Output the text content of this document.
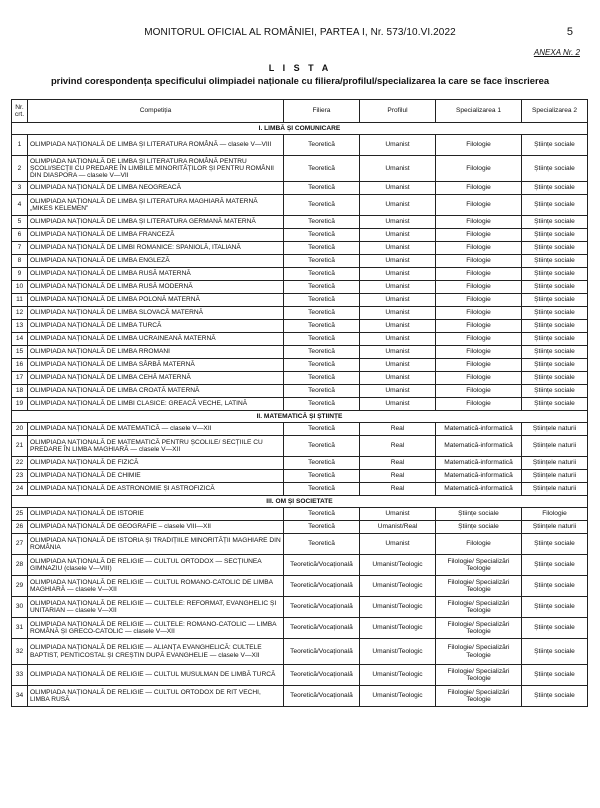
MONITORUL OFICIAL AL ROMÂNIEI, PARTEA I, Nr. 573/10.VI.2022	5
ANEXA Nr. 2
L I S T A
privind corespondența specificului olimpiadei naționale cu filiera/profilul/specializarea la care se face înscrierea
Nr. crt.	Competiția	Filiera	Profilul	Specializarea 1	Specializarea 2
I. LIMBĂ ȘI COMUNICARE					
1	OLIMPIADA NAȚIONALĂ DE LIMBA ȘI LITERATURA ROMÂNĂ — clasele V—VIII	Teoretică	Umanist	Filologie	Științe sociale
2	OLIMPIADA NAȚIONALĂ DE LIMBA ȘI LITERATURA ROMÂNĂ PENTRU ȘCOLI/SECȚII CU PREDARE ÎN LIMBILE MINORITĂȚILOR ȘI PENTRU ROMÂNII DIN DIASPORA — clasele V—VII	Teoretică	Umanist	Filologie	Științe sociale
3	OLIMPIADA NAȚIONALĂ DE LIMBA NEOGREACĂ	Teoretică	Umanist	Filologie	Științe sociale
4	OLIMPIADA NAȚIONALĂ DE LIMBA ȘI LITERATURA MAGHIARĂ MATERNĂ „MIKES KELEMEN”	Teoretică	Umanist	Filologie	Științe sociale
5	OLIMPIADA NAȚIONALĂ DE LIMBA ȘI LITERATURA GERMANĂ MATERNĂ	Teoretică	Umanist	Filologie	Științe sociale
6	OLIMPIADA NAȚIONALĂ DE LIMBA FRANCEZĂ	Teoretică	Umanist	Filologie	Științe sociale
7	OLIMPIADA NAȚIONALĂ DE LIMBI ROMANICE: SPANIOLĂ, ITALIANĂ	Teoretică	Umanist	Filologie	Științe sociale
8	OLIMPIADA NAȚIONALĂ DE LIMBA ENGLEZĂ	Teoretică	Umanist	Filologie	Științe sociale
9	OLIMPIADA NAȚIONALĂ DE LIMBA RUSĂ MATERNĂ	Teoretică	Umanist	Filologie	Științe sociale
10	OLIMPIADA NAȚIONALĂ DE LIMBA RUSĂ MODERNĂ	Teoretică	Umanist	Filologie	Științe sociale
11	OLIMPIADA NAȚIONALĂ DE LIMBA POLONĂ MATERNĂ	Teoretică	Umanist	Filologie	Științe sociale
12	OLIMPIADA NAȚIONALĂ DE LIMBA SLOVACĂ MATERNĂ	Teoretică	Umanist	Filologie	Științe sociale
13	OLIMPIADA NAȚIONALĂ DE LIMBA TURCĂ	Teoretică	Umanist	Filologie	Științe sociale
14	OLIMPIADA NAȚIONALĂ DE LIMBA UCRAINEANĂ MATERNĂ	Teoretică	Umanist	Filologie	Științe sociale
15	OLIMPIADA NAȚIONALĂ DE LIMBA RROMANI	Teoretică	Umanist	Filologie	Științe sociale
16	OLIMPIADA NAȚIONALĂ DE LIMBA SÂRBĂ MATERNĂ	Teoretică	Umanist	Filologie	Științe sociale
17	OLIMPIADA NAȚIONALĂ DE LIMBA CEHĂ MATERNĂ	Teoretică	Umanist	Filologie	Științe sociale
18	OLIMPIADA NAȚIONALĂ DE LIMBA CROATĂ MATERNĂ	Teoretică	Umanist	Filologie	Științe sociale
19	OLIMPIADA NAȚIONALĂ DE LIMBI CLASICE: GREACĂ VECHE, LATINĂ	Teoretică	Umanist	Filologie	Științe sociale
II. MATEMATICĂ ȘI ȘTIINȚE					
20	OLIMPIADA NAȚIONALĂ DE MATEMATICĂ — clasele V—XII	Teoretică	Real	Matematică-informatică	Științele naturii
21	OLIMPIADA NAȚIONALĂ DE MATEMATICĂ PENTRU ȘCOLILE/ SECȚIILE CU PREDARE ÎN LIMBA MAGHIARĂ — clasele V—XII	Teoretică	Real	Matematică-informatică	Științele naturii
22	OLIMPIADA NAȚIONALĂ DE FIZICĂ	Teoretică	Real	Matematică-informatică	Științele naturii
23	OLIMPIADA NAȚIONALĂ DE CHIMIE	Teoretică	Real	Matematică-informatică	Științele naturii
24	OLIMPIADA NAȚIONALĂ DE ASTRONOMIE ȘI ASTROFIZICĂ	Teoretică	Real	Matematică-informatică	Științele naturii
III. OM ȘI SOCIETATE					
25	OLIMPIADA NAȚIONALĂ DE ISTORIE	Teoretică	Umanist	Științe sociale	Filologie
26	OLIMPIADA NAȚIONALĂ DE GEOGRAFIE – clasele VIII—XII	Teoretică	Umanist/Real	Științe sociale	Științele naturii
27	OLIMPIADA NAȚIONALĂ DE ISTORIA ȘI TRADIȚIILE MINORITĂȚII MAGHIARE DIN ROMÂNIA	Teoretică	Umanist	Filologie	Științe sociale
28	OLIMPIADA NAȚIONALĂ DE RELIGIE — CULTUL ORTODOX — SECȚIUNEA GIMNAZIU (clasele V—VIII)	Teoretică/Vocațională	Umanist/Teologic	Filologie/ Specializări Teologie	Științe sociale
29	OLIMPIADA NAȚIONALĂ DE RELIGIE — CULTUL ROMANO-CATOLIC DE LIMBA MAGHIARĂ — clasele V—XII	Teoretică/Vocațională	Umanist/Teologic	Filologie/ Specializări Teologie	Științe sociale
30	OLIMPIADA NAȚIONALĂ DE RELIGIE — CULTELE: REFORMAT, EVANGHELIC ȘI UNITARIAN — clasele V—XII	Teoretică/Vocațională	Umanist/Teologic	Filologie/ Specializări Teologie	Științe sociale
31	OLIMPIADA NAȚIONALĂ DE RELIGIE — CULTELE: ROMANO-CATOLIC — LIMBA ROMÂNĂ ȘI GRECO-CATOLIC — clasele V—XII	Teoretică/Vocațională	Umanist/Teologic	Filologie/ Specializări Teologie	Științe sociale
32	OLIMPIADA NAȚIONALĂ DE RELIGIE — ALIANȚA EVANGHELICĂ: CULTELE BAPTIST, PENTICOSTAL ȘI CREȘTIN DUPĂ EVANGHELIE — clasele V—XII	Teoretică/Vocațională	Umanist/Teologic	Filologie/ Specializări Teologie	Științe sociale
33	OLIMPIADA NAȚIONALĂ DE RELIGIE — CULTUL MUSULMAN DE LIMBĂ TURCĂ	Teoretică/Vocațională	Umanist/Teologic	Filologie/ Specializări Teologie	Științe sociale
34	OLIMPIADA NAȚIONALĂ DE RELIGIE — CULTUL ORTODOX DE RIT VECHI, LIMBA RUSĂ	Teoretică/Vocațională	Umanist/Teologic	Filologie/ Specializări Teologie	Științe sociale
